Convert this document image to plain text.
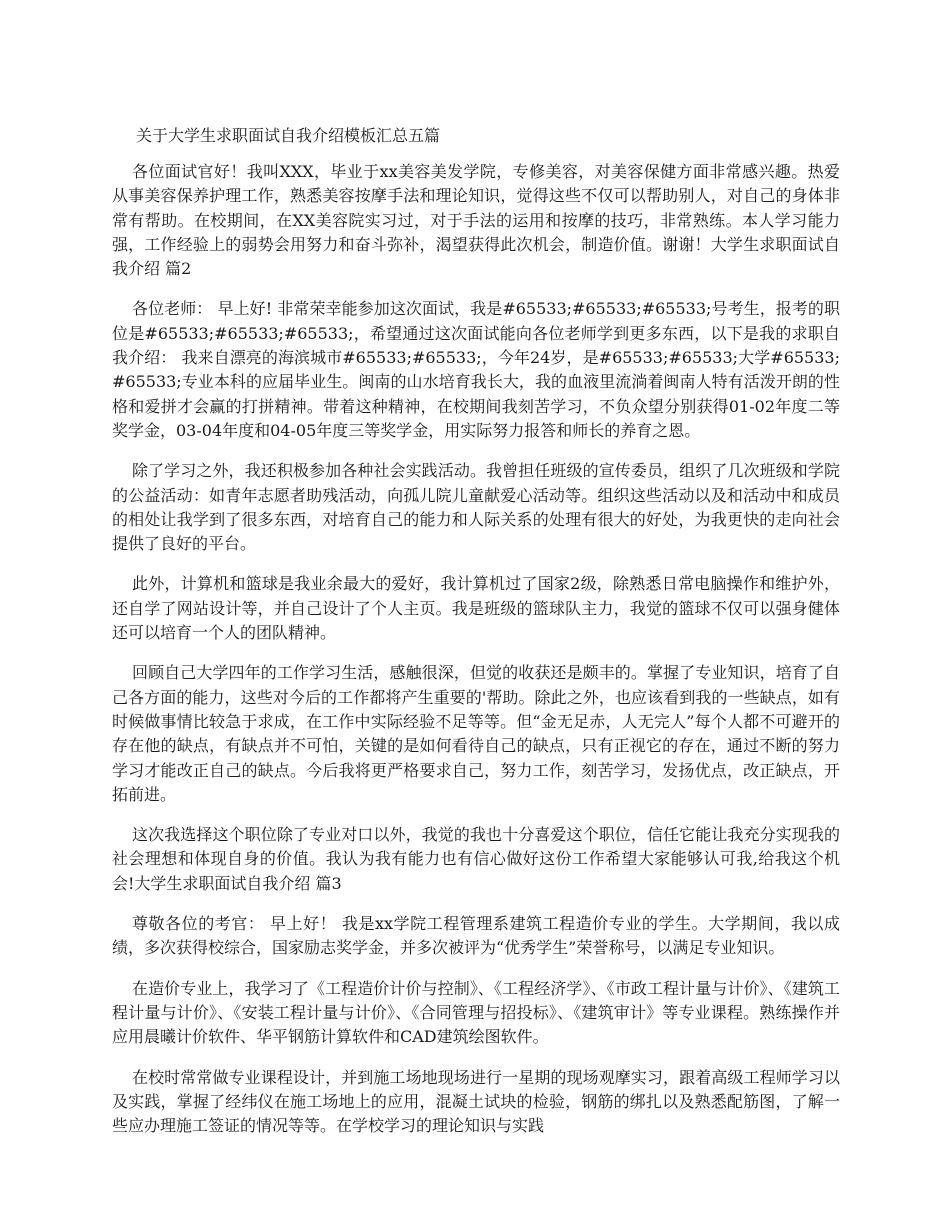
关于大学生求职面试自我介绍模板汇总五篇

各位面试官好！我叫XXX，毕业于xx美容美发学院，专修美容，对美容保健方面非常感兴趣。热爱从事美容保养护理工作，熟悉美容按摩手法和理论知识，觉得这些不仅可以帮助别人，对自己的身体非常有帮助。在校期间，在XX美容院实习过，对于手法的运用和按摩的技巧，非常熟练。本人学习能力强，工作经验上的弱势会用努力和奋斗弥补，渴望获得此次机会，制造价值。谢谢！大学生求职面试自我介绍 篇2

各位老师： 早上好! 非常荣幸能参加这次面试，我是#65533;#65533;#65533;号考生，报考的职位是#65533;#65533;#65533;，希望通过这次面试能向各位老师学到更多东西，以下是我的求职自我介绍： 我来自漂亮的海滨城市#65533;#65533;，今年24岁，是#65533;#65533;大学#65533;#65533;专业本科的应届毕业生。闽南的山水培育我长大，我的血液里流淌着闽南人特有活泼开朗的性格和爱拼才会赢的打拼精神。带着这种精神，在校期间我刻苦学习，不负众望分别获得01-02年度二等奖学金，03-04年度和04-05年度三等奖学金，用实际努力报答和师长的养育之恩。

除了学习之外，我还积极参加各种社会实践活动。我曾担任班级的宣传委员，组织了几次班级和学院的公益活动：如青年志愿者助残活动，向孤儿院儿童献爱心活动等。组织这些活动以及和活动中和成员的相处让我学到了很多东西，对培育自己的能力和人际关系的处理有很大的好处，为我更快的走向社会提供了良好的平台。

此外，计算机和篮球是我业余最大的爱好，我计算机过了国家2级，除熟悉日常电脑操作和维护外，还自学了网站设计等，并自己设计了个人主页。我是班级的篮球队主力，我觉的篮球不仅可以强身健体还可以培育一个人的团队精神。

回顾自己大学四年的工作学习生活，感触很深，但觉的收获还是颇丰的。掌握了专业知识，培育了自己各方面的能力，这些对今后的工作都将产生重要的'帮助。除此之外，也应该看到我的一些缺点，如有时候做事情比较急于求成，在工作中实际经验不足等等。但“金无足赤，人无完人”每个人都不可避开的存在他的缺点，有缺点并不可怕，关键的是如何看待自己的缺点，只有正视它的存在，通过不断的努力学习才能改正自己的缺点。今后我将更严格要求自己，努力工作，刻苦学习，发扬优点，改正缺点，开拓前进。

这次我选择这个职位除了专业对口以外，我觉的我也十分喜爱这个职位，信任它能让我充分实现我的社会理想和体现自身的价值。我认为我有能力也有信心做好这份工作希望大家能够认可我,给我这个机会!大学生求职面试自我介绍 篇3

尊敬各位的考官： 早上好！ 我是xx学院工程管理系建筑工程造价专业的学生。大学期间，我以成绩，多次获得校综合，国家励志奖学金，并多次被评为“优秀学生”荣誉称号，以满足专业知识。

在造价专业上，我学习了《工程造价计价与控制》、《工程经济学》、《市政工程计量与计价》、《建筑工程计量与计价》、《安装工程计量与计价》、《合同管理与招投标》、《建筑审计》等专业课程。熟练操作并应用晨曦计价软件、华平钢筋计算软件和CAD建筑绘图软件。

在校时常常做专业课程设计，并到施工场地现场进行一星期的现场观摩实习，跟着高级工程师学习以及实践，掌握了经纬仪在施工场地上的应用，混凝土试块的检验，钢筋的绑扎以及熟悉配筋图，了解一些应办理施工签证的情况等等。在学校学习的理论知识与实践
